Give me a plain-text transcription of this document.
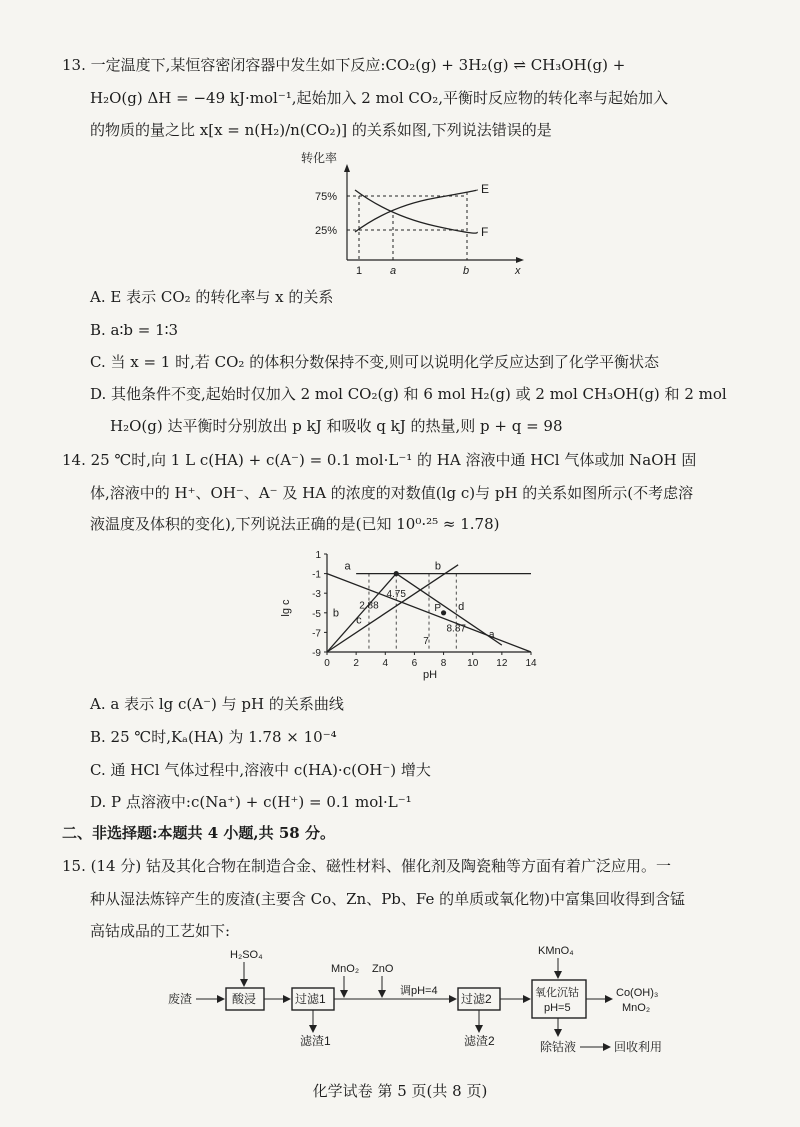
13. 一定温度下,某恒容密闭容器中发生如下反应:CO₂(g) + 3H₂(g) ⇌ CH₃OH(g) +
H₂O(g) ΔH = −49 kJ·mol⁻¹,起始加入 2 mol CO₂,平衡时反应物的转化率与起始加入
的物质的量之比 x[x = n(H₂)/n(CO₂)] 的关系如图,下列说法错误的是
转化率
75%
25%
E
F
1	a	b	x
A. E 表示 CO₂ 的转化率与 x 的关系
B. a∶b = 1∶3
C. 当 x = 1 时,若 CO₂ 的体积分数保持不变,则可以说明化学反应达到了化学平衡状态
D. 其他条件不变,起始时仅加入 2 mol CO₂(g) 和 6 mol H₂(g) 或 2 mol CH₃OH(g) 和 2 mol
H₂O(g) 达平衡时分别放出 p kJ 和吸收 q kJ 的热量,则 p + q = 98
14. 25 ℃时,向 1 L c(HA) + c(A⁻) = 0.1 mol·L⁻¹ 的 HA 溶液中通 HCl 气体或加 NaOH 固
体,溶液中的 H⁺、OH⁻、A⁻ 及 HA 的浓度的对数值(lg c)与 pH 的关系如图所示(不考虑溶
液温度及体积的变化),下列说法正确的是(已知 10⁰·²⁵ ≈ 1.78)
lg c
pH
1
-1
-3
-5
-7
-9
0 2 4 6 8 10 12 14
a	b
c
d
b
2.88
4.75
P
7
8.87
a
A. a 表示 lg c(A⁻) 与 pH 的关系曲线
B. 25 ℃时,Kₐ(HA) 为 1.78 × 10⁻⁴
C. 通 HCl 气体过程中,溶液中 c(HA)·c(OH⁻) 增大
D. P 点溶液中:c(Na⁺) + c(H⁺) = 0.1 mol·L⁻¹
二、非选择题:本题共 4 小题,共 58 分。
15. (14 分) 钴及其化合物在制造合金、磁性材料、催化剂及陶瓷釉等方面有着广泛应用。一
种从湿法炼锌产生的废渣(主要含 Co、Zn、Pb、Fe 的单质或氧化物)中富集回收得到含锰
高钴成品的工艺如下:
废渣
H₂SO₄
酸浸	过滤1
滤渣1
MnO₂ ZnO
调pH=4
过滤2
滤渣2
KMnO₄
氧化沉钴
pH=5
Co(OH)₃
MnO₂
除钴液	回收利用
化学试卷 第 5 页(共 8 页)
